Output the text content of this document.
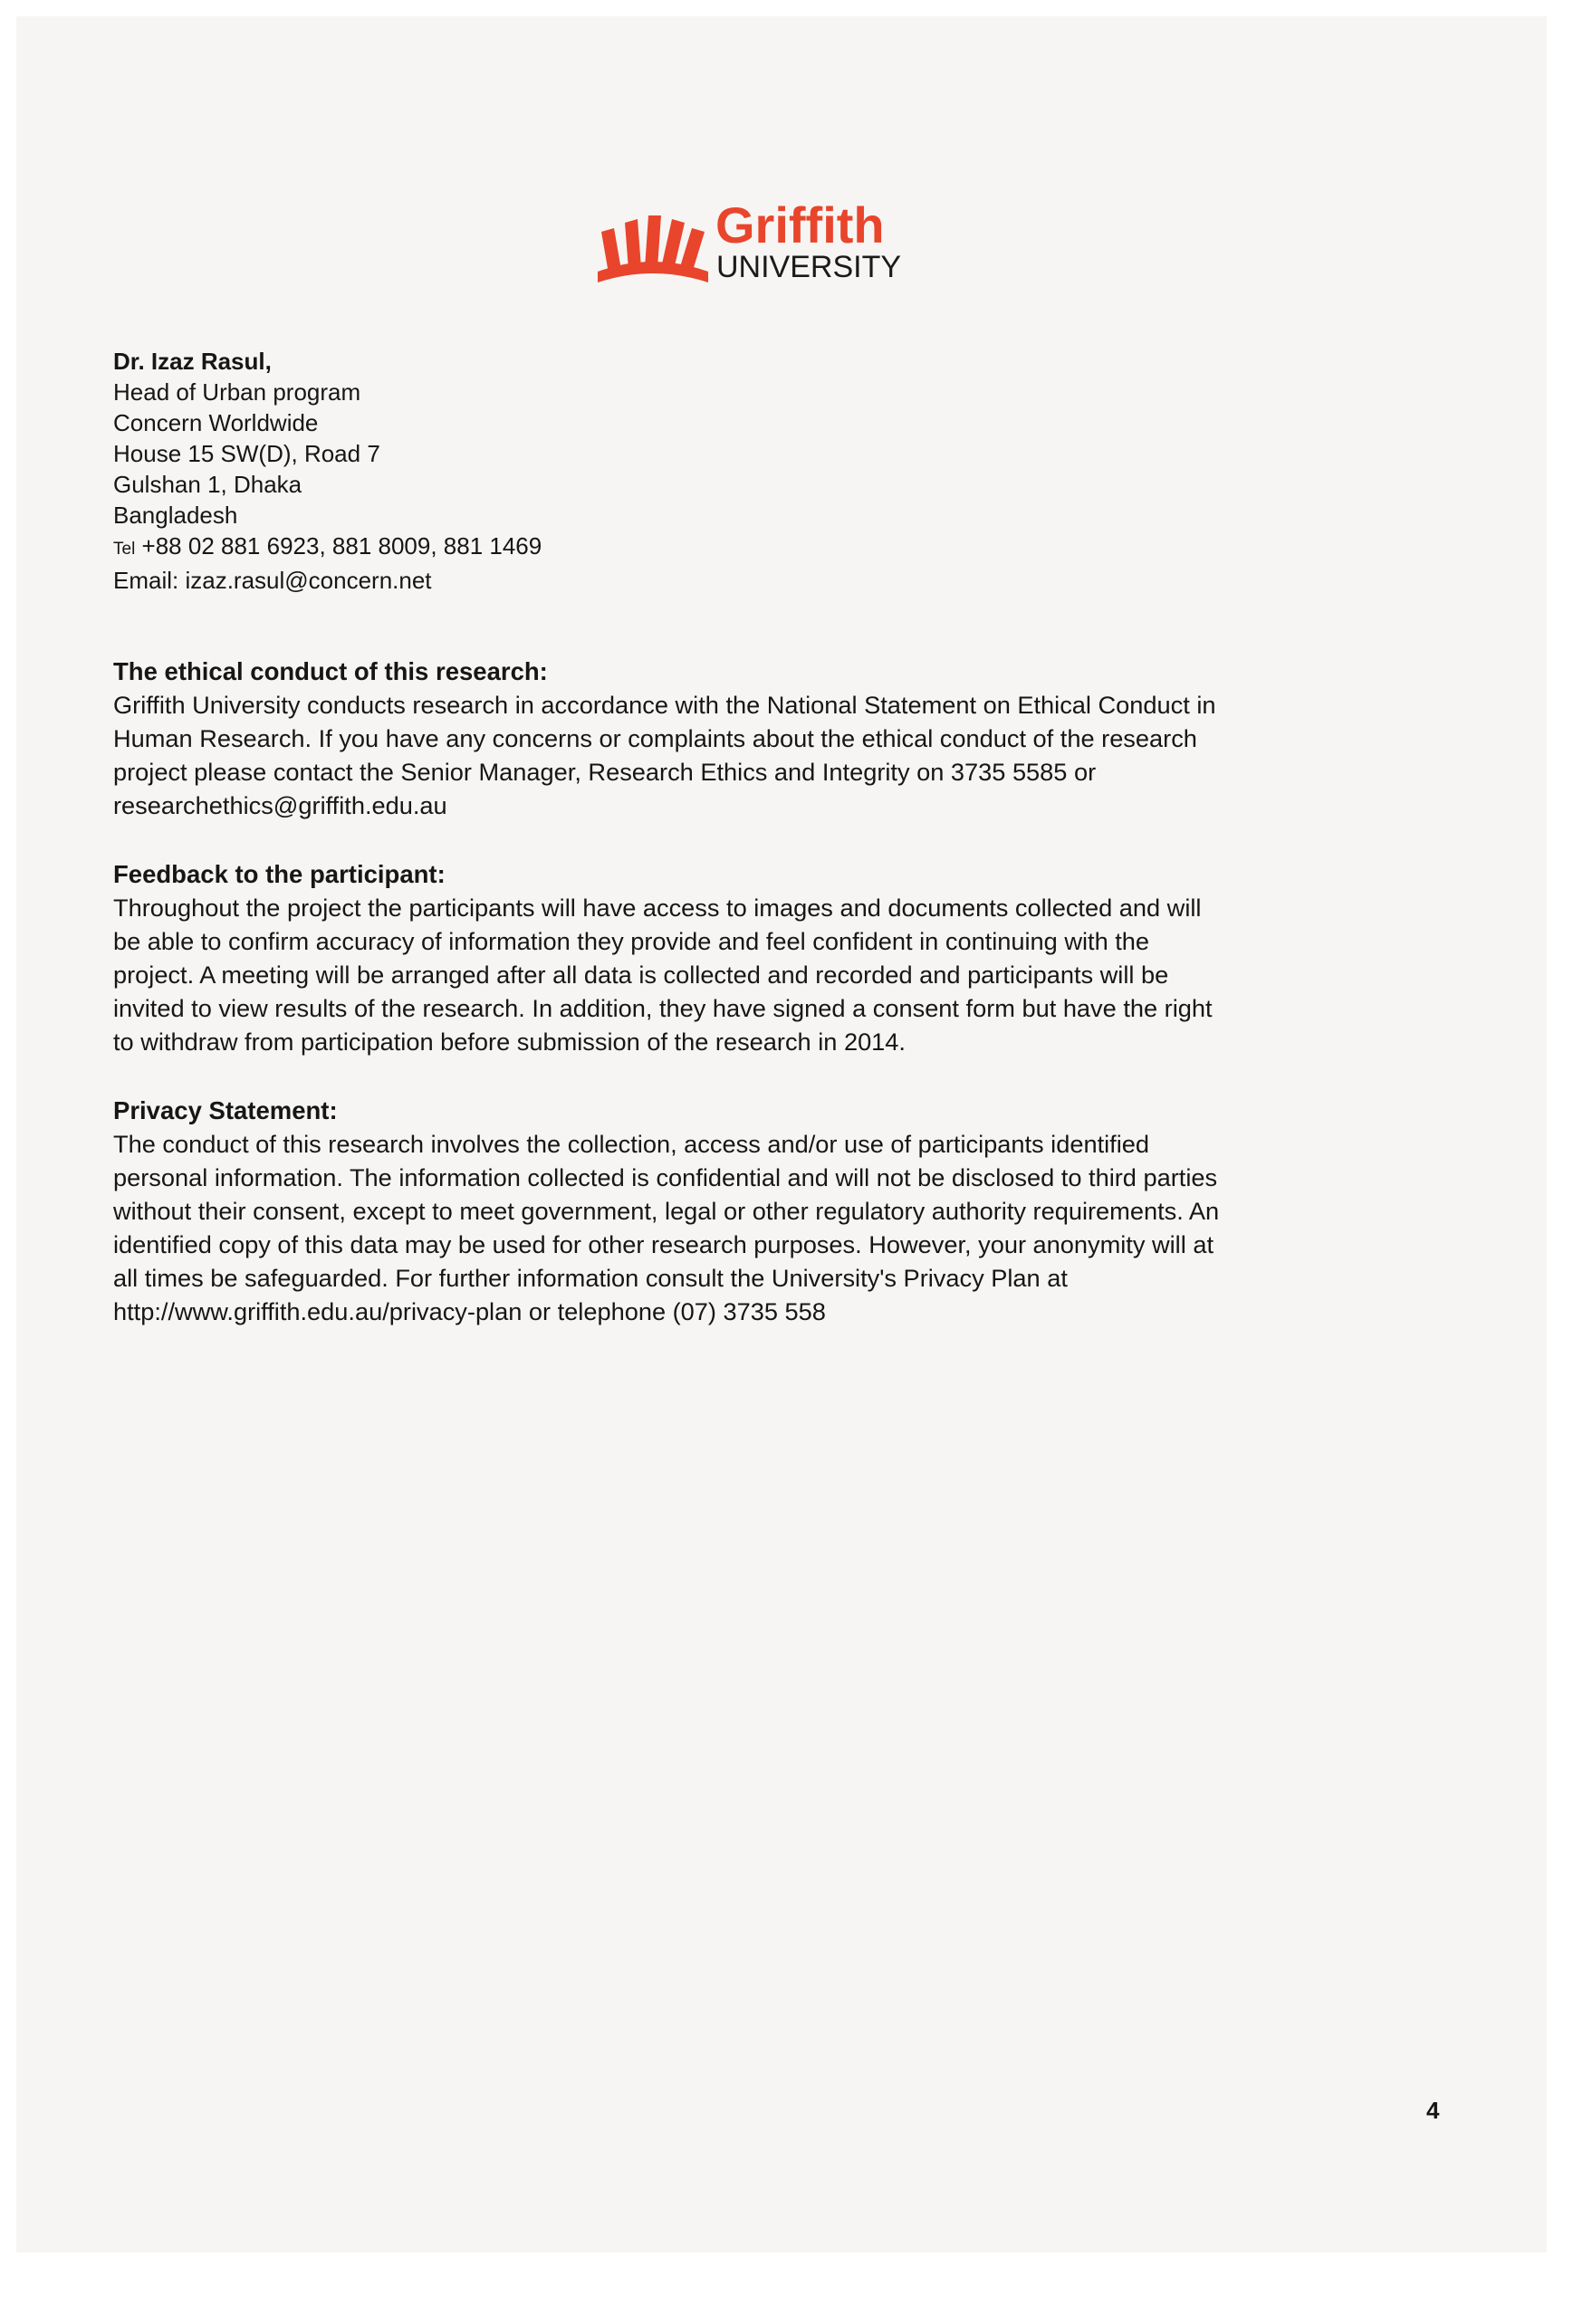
Griffith
UNIVERSITY
Dr. Izaz Rasul,
Head of Urban program
Concern Worldwide
House 15 SW(D), Road 7
Gulshan 1, Dhaka
Bangladesh
Tel +88 02 881 6923, 881 8009, 881 1469
Email: izaz.rasul@concern.net
The ethical conduct of this research:
Griffith University conducts research in accordance with the National Statement on Ethical Conduct in
Human Research. If you have any concerns or complaints about the ethical conduct of the research
project please contact the Senior Manager, Research Ethics and Integrity on 3735 5585 or
researchethics@griffith.edu.au
Feedback to the participant:
Throughout the project the participants will have access to images and documents collected and will
be able to confirm accuracy of information they provide and feel confident in continuing with the
project. A meeting will be arranged after all data is collected and recorded and participants will be
invited to view results of the research. In addition, they have signed a consent form but have the right
to withdraw from participation before submission of the research in 2014.
Privacy Statement:
The conduct of this research involves the collection, access and/or use of participants identified
personal information. The information collected is confidential and will not be disclosed to third parties
without their consent, except to meet government, legal or other regulatory authority requirements. An
identified copy of this data may be used for other research purposes. However, your anonymity will at
all times be safeguarded. For further information consult the University's Privacy Plan at
http://www.griffith.edu.au/privacy-plan or telephone (07) 3735 558
4
